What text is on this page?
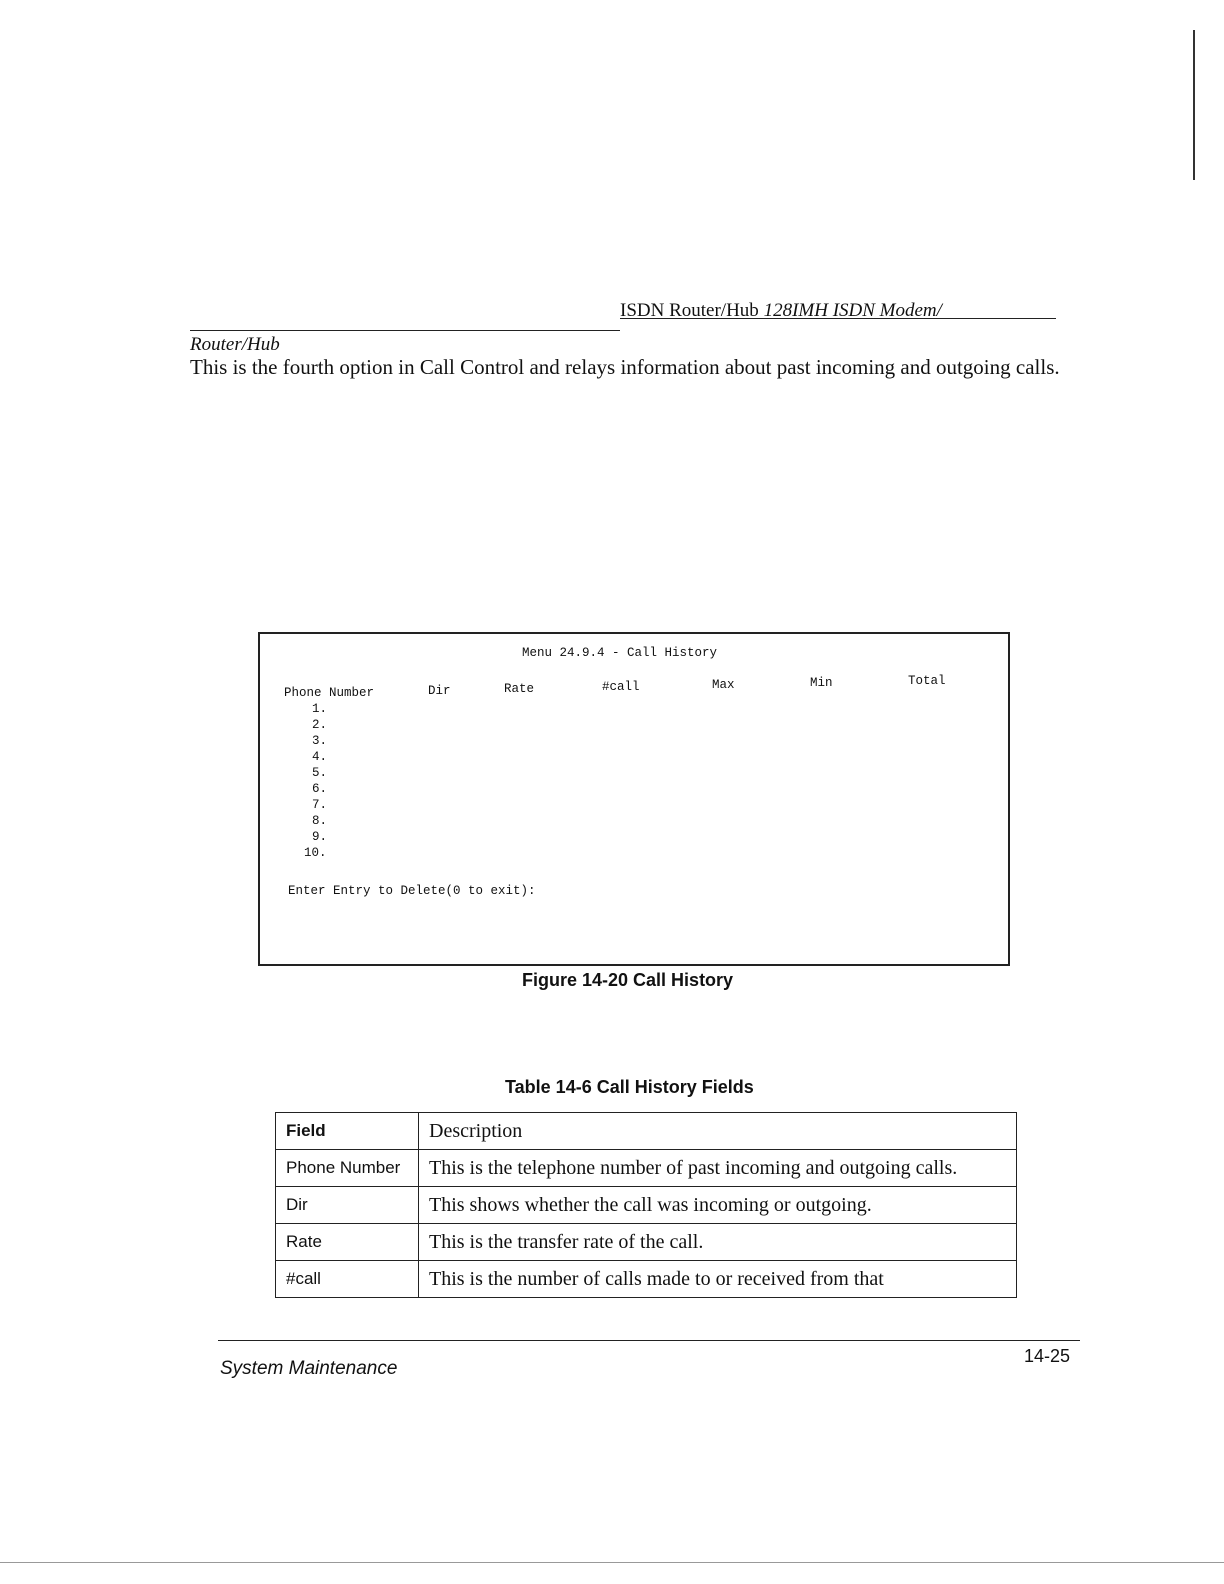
ISDN Router/Hub 128IMH ISDN Modem/
Router/Hub
This is the fourth option in Call Control and relays information about past incoming and outgoing calls.
Menu 24.9.4 - Call History
Phone Number	Dir	Rate	#call	Max	Min	Total
1.
2.
3.
4.
5.
6.
7.
8.
9.
10.
Enter Entry to Delete(0 to exit):
Figure 14-20 Call History
Table 14-6 Call History Fields
Field	Description
Phone Number	This is the telephone number of past incoming and outgoing calls.
Dir	This shows whether the call was incoming or outgoing.
Rate	This is the transfer rate of the call.
#call	This is the number of calls made to or received from that
System Maintenance
14-25
